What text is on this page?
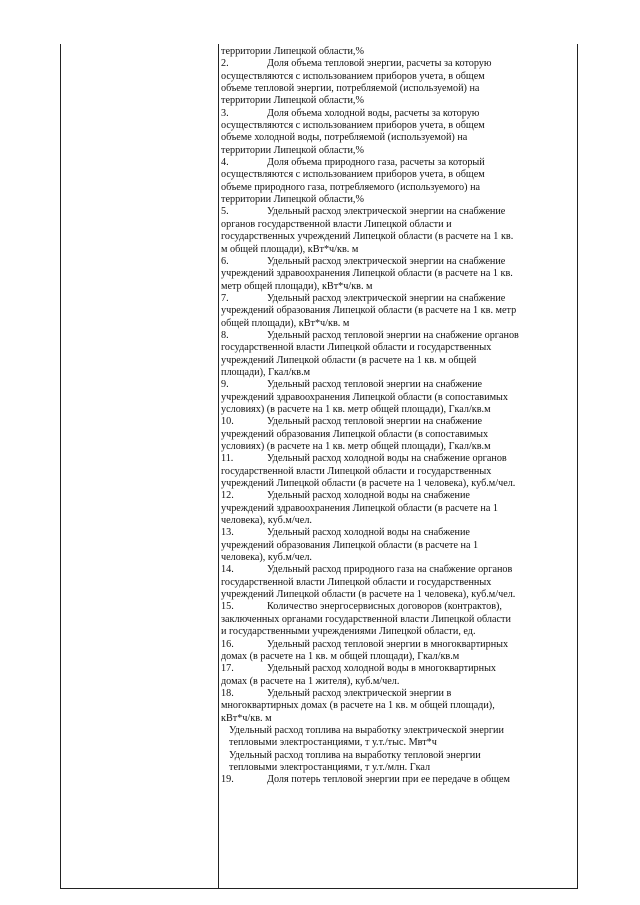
территории Липецкой области,%
2.	Доля объема тепловой энергии, расчеты за которую
осуществляются с использованием приборов учета, в общем
объеме тепловой энергии, потребляемой (используемой) на
территории Липецкой области,%
3.	Доля объема холодной воды, расчеты за которую
осуществляются с использованием приборов учета, в общем
объеме холодной воды, потребляемой (используемой) на
территории Липецкой области,%
4.	Доля объема природного газа, расчеты за который
осуществляются с использованием приборов учета, в общем
объеме природного газа, потребляемого (используемого) на
территории Липецкой области,%
5.	Удельный расход электрической энергии на снабжение
органов государственной власти Липецкой области и
государственных учреждений Липецкой области (в расчете на 1 кв.
м общей площади), кВт*ч/кв. м
6.	Удельный расход электрической энергии на снабжение
учреждений здравоохранения Липецкой области (в расчете на 1 кв.
метр общей площади), кВт*ч/кв. м
7.	Удельный расход электрической энергии на снабжение
учреждений образования Липецкой области (в расчете на 1 кв. метр
общей площади), кВт*ч/кв. м
8.	Удельный расход тепловой энергии на снабжение органов
государственной власти Липецкой области и государственных
учреждений Липецкой области (в расчете на 1 кв. м общей
площади), Гкал/кв.м
9.	Удельный расход тепловой энергии на снабжение
учреждений здравоохранения Липецкой области (в сопоставимых
условиях) (в расчете на 1 кв. метр общей площади), Гкал/кв.м
10.	Удельный расход тепловой энергии на снабжение
учреждений образования Липецкой области (в сопоставимых
условиях) (в расчете на 1 кв. метр общей площади), Гкал/кв.м
11.	Удельный расход холодной воды на снабжение органов
государственной власти Липецкой области и государственных
учреждений Липецкой области (в расчете на 1 человека), куб.м/чел.
12.	Удельный расход холодной воды на снабжение
учреждений здравоохранения Липецкой области (в расчете на 1
человека), куб.м/чел.
13.	Удельный расход холодной воды на снабжение
учреждений образования Липецкой области (в расчете на 1
человека), куб.м/чел.
14.	Удельный расход природного газа на снабжение органов
государственной власти Липецкой области и государственных
учреждений Липецкой области (в расчете на 1 человека), куб.м/чел.
15.	Количество энергосервисных договоров (контрактов),
заключенных органами государственной власти Липецкой области
и государственными учреждениями Липецкой области, ед.
16.	Удельный расход тепловой энергии в многоквартирных
домах (в расчете на 1 кв. м общей площади), Гкал/кв.м
17.	Удельный расход холодной воды в многоквартирных
домах (в расчете на 1 жителя), куб.м/чел.
18.	Удельный расход электрической энергии в
многоквартирных домах (в расчете на 1 кв. м общей площади),
кВт*ч/кв. м
Удельный расход топлива на выработку электрической энергии
тепловыми электростанциями, т у.т./тыс. Мвт*ч
Удельный расход топлива на выработку тепловой энергии
тепловыми электростанциями, т у.т./млн. Гкал
19.	Доля потерь тепловой энергии при ее передаче в общем
